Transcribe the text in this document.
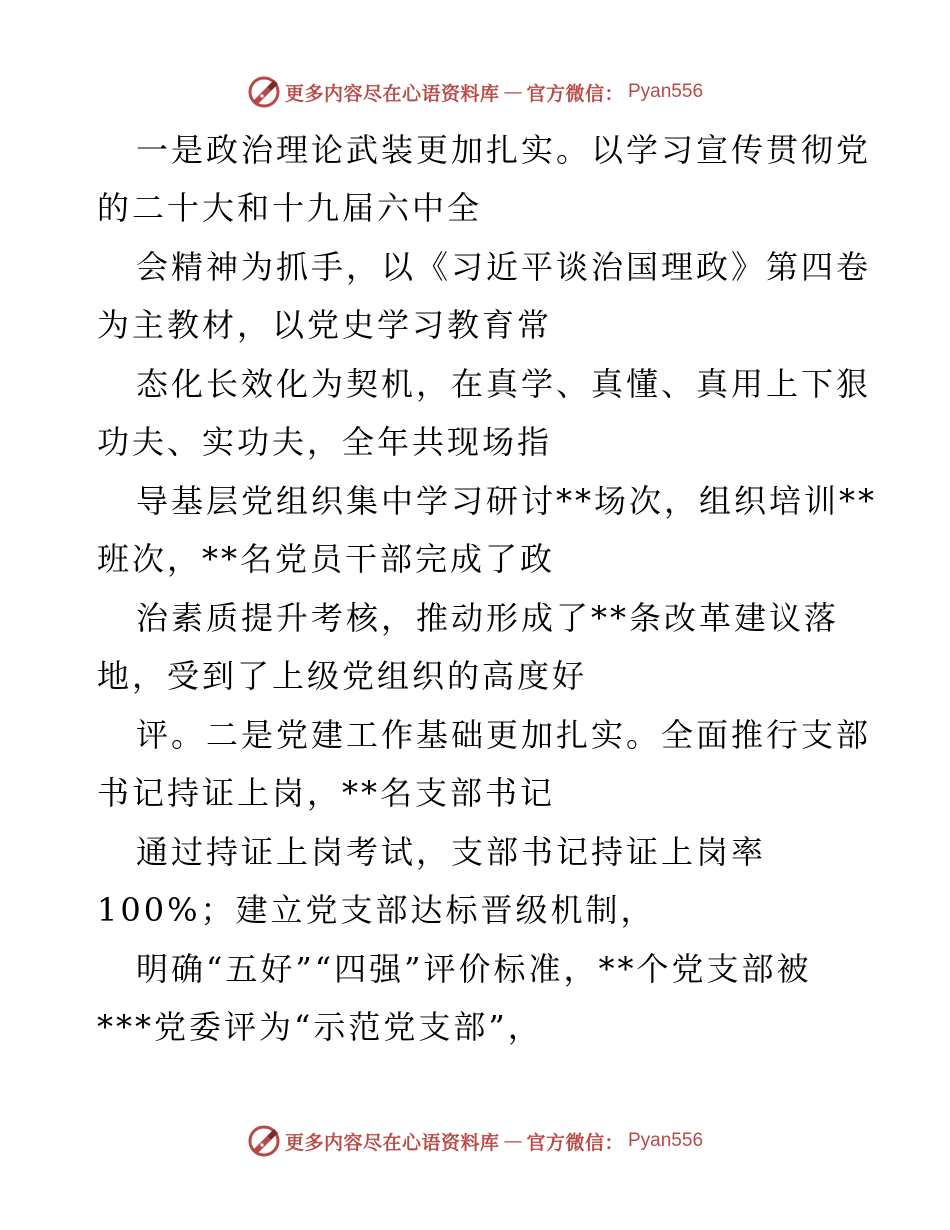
更多内容尽在心语资料库 — 官方微信： Pyan556
一是政治理论武装更加扎实。以学习宣传贯彻党
的二十大和十九届六中全
会精神为抓手，以《习近平谈治国理政》第四卷
为主教材，以党史学习教育常
态化长效化为契机，在真学、真懂、真用上下狠
功夫、实功夫，全年共现场指
导基层党组织集中学习研讨**场次，组织培训**
班次，**名党员干部完成了政
治素质提升考核，推动形成了**条改革建议落
地，受到了上级党组织的高度好
评。二是党建工作基础更加扎实。全面推行支部
书记持证上岗，**名支部书记
通过持证上岗考试，支部书记持证上岗率
100%；建立党支部达标晋级机制，
明确“五好”“四强”评价标准，**个党支部被
***党委评为“示范党支部”，
更多内容尽在心语资料库 — 官方微信： Pyan556
